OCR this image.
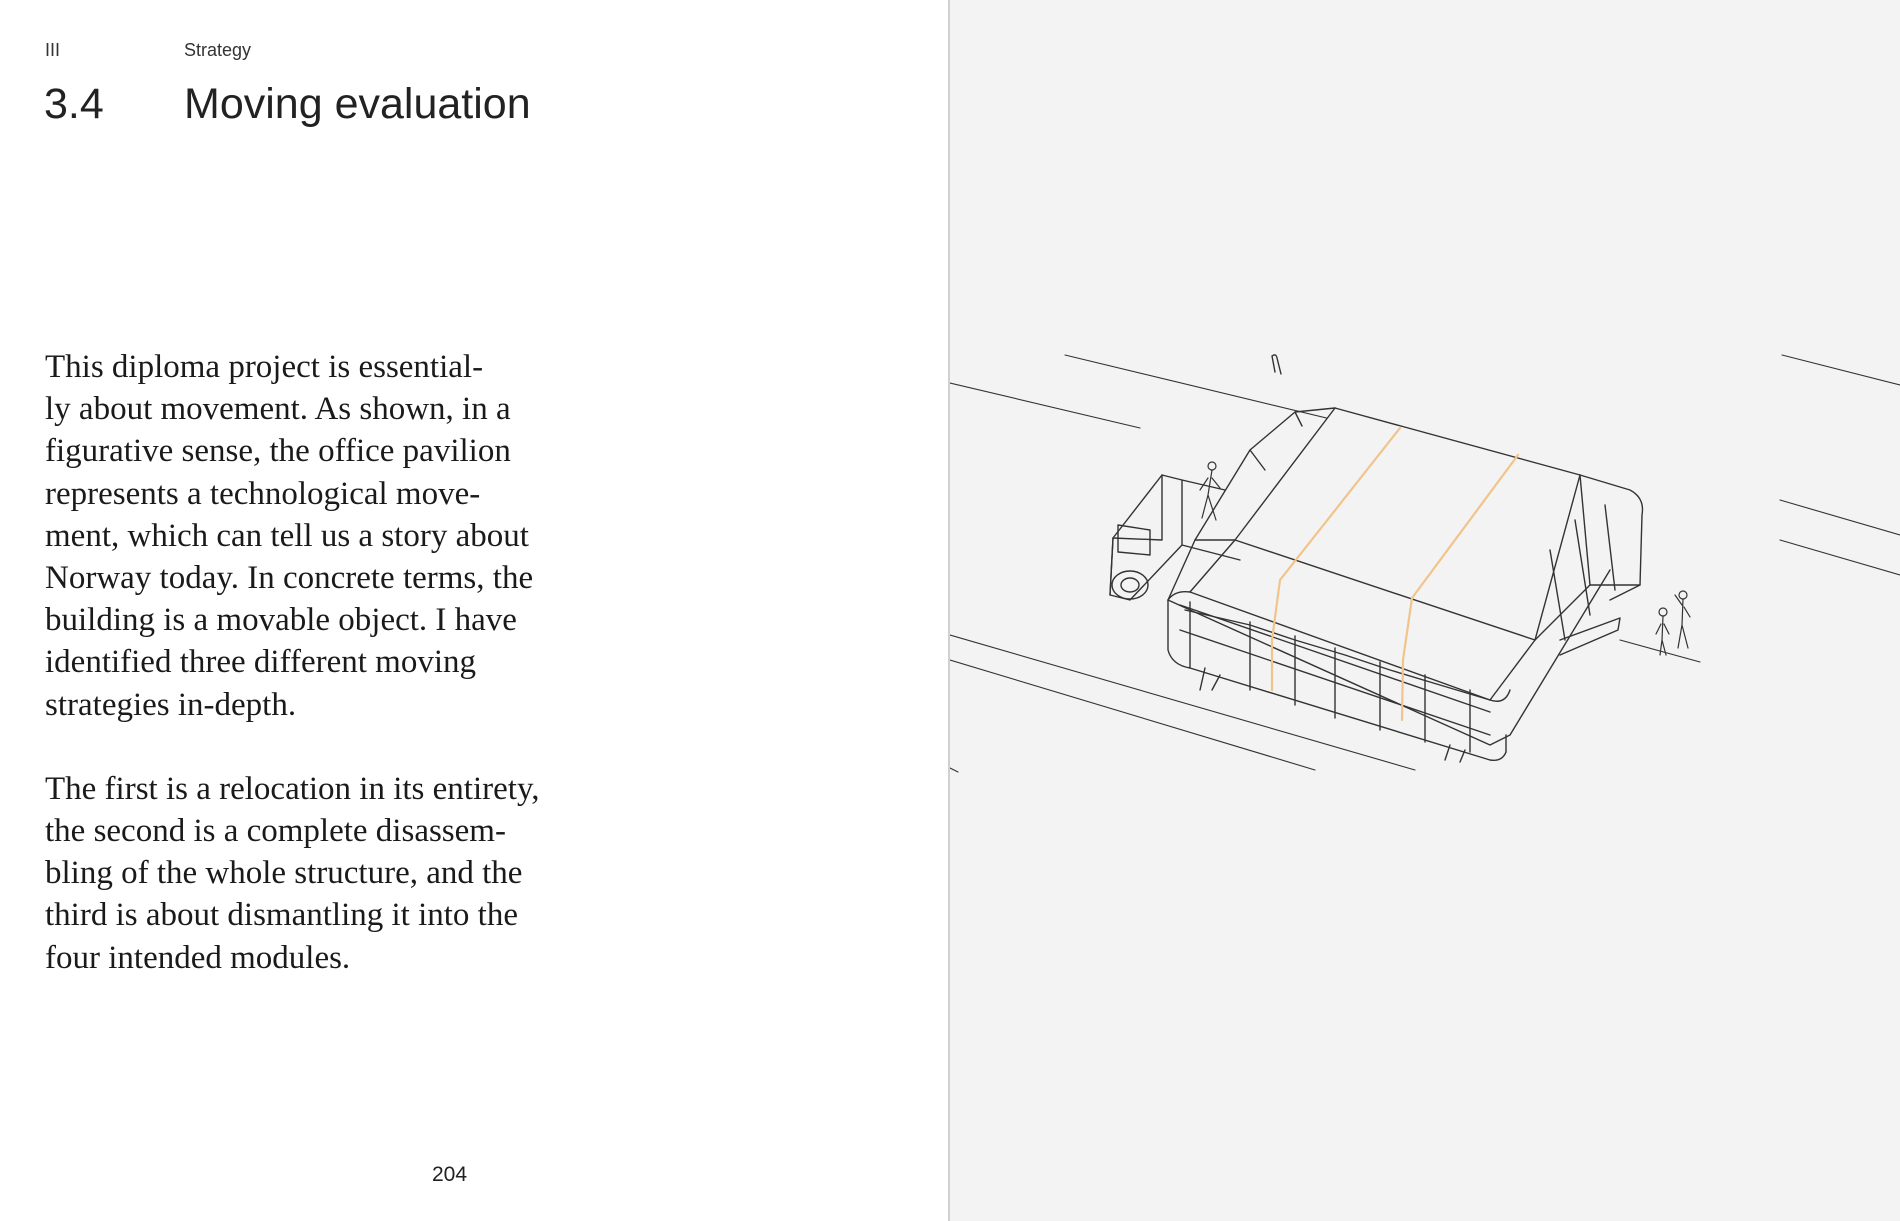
III	Strategy
3.4 Moving evaluation

This diploma project is essential-
ly about movement. As shown, in a
figurative sense, the office pavilion
represents a technological move-
ment, which can tell us a story about
Norway today. In concrete terms, the
building is a movable object. I have
identified three different moving
strategies in-depth.

The first is a relocation in its entirety,
the second is a complete disassem-
bling of the whole structure, and the
third is about dismantling it into the
four intended modules.

204
